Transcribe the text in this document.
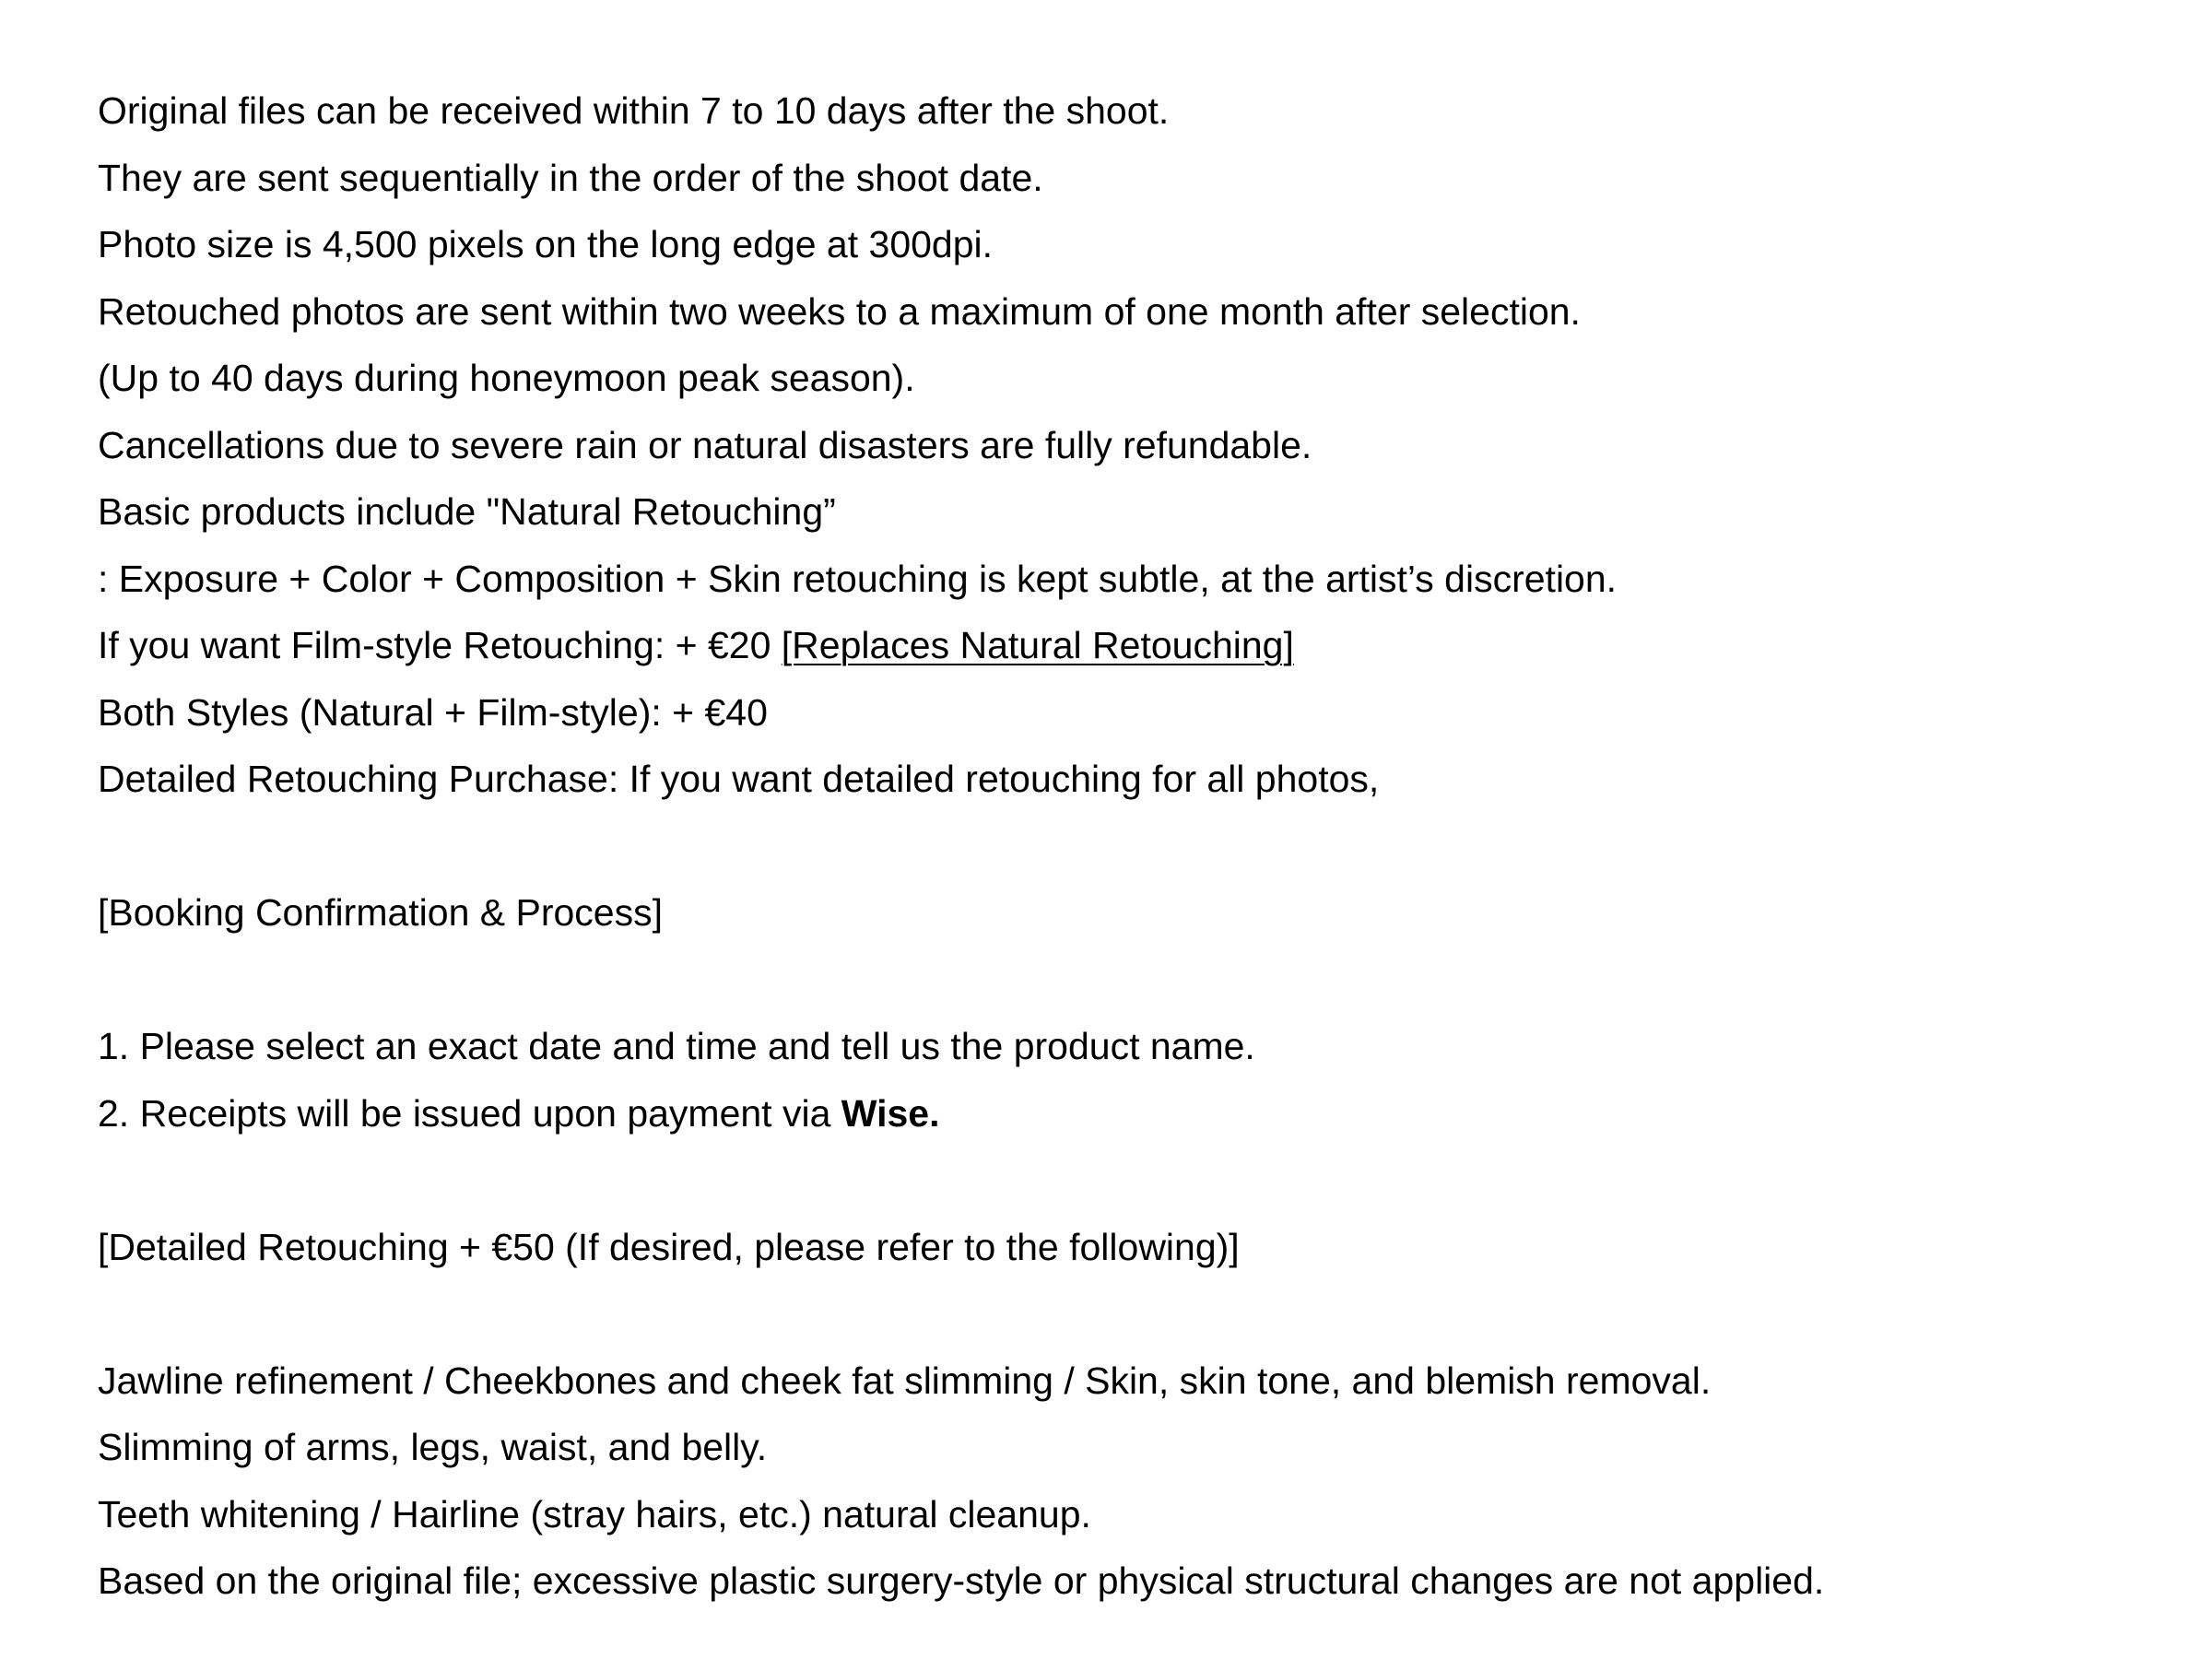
Original files can be received within 7 to 10 days after the shoot.
They are sent sequentially in the order of the shoot date.
Photo size is 4,500 pixels on the long edge at 300dpi.
Retouched photos are sent within two weeks to a maximum of one month after selection.
(Up to 40 days during honeymoon peak season).
Cancellations due to severe rain or natural disasters are fully refundable.
Basic products include "Natural Retouching”
: Exposure + Color + Composition + Skin retouching is kept subtle, at the artist’s discretion.
If you want Film-style Retouching: + €20 [Replaces Natural Retouching]
Both Styles (Natural + Film-style): + €40
Detailed Retouching Purchase: If you want detailed retouching for all photos,
[Booking Confirmation & Process]
1. Please select an exact date and time and tell us the product name.
2. Receipts will be issued upon payment via Wise.
[Detailed Retouching + €50 (If desired, please refer to the following)]
Jawline refinement / Cheekbones and cheek fat slimming / Skin, skin tone, and blemish removal.
Slimming of arms, legs, waist, and belly.
Teeth whitening / Hairline (stray hairs, etc.) natural cleanup.
Based on the original file; excessive plastic surgery-style or physical structural changes are not applied.
